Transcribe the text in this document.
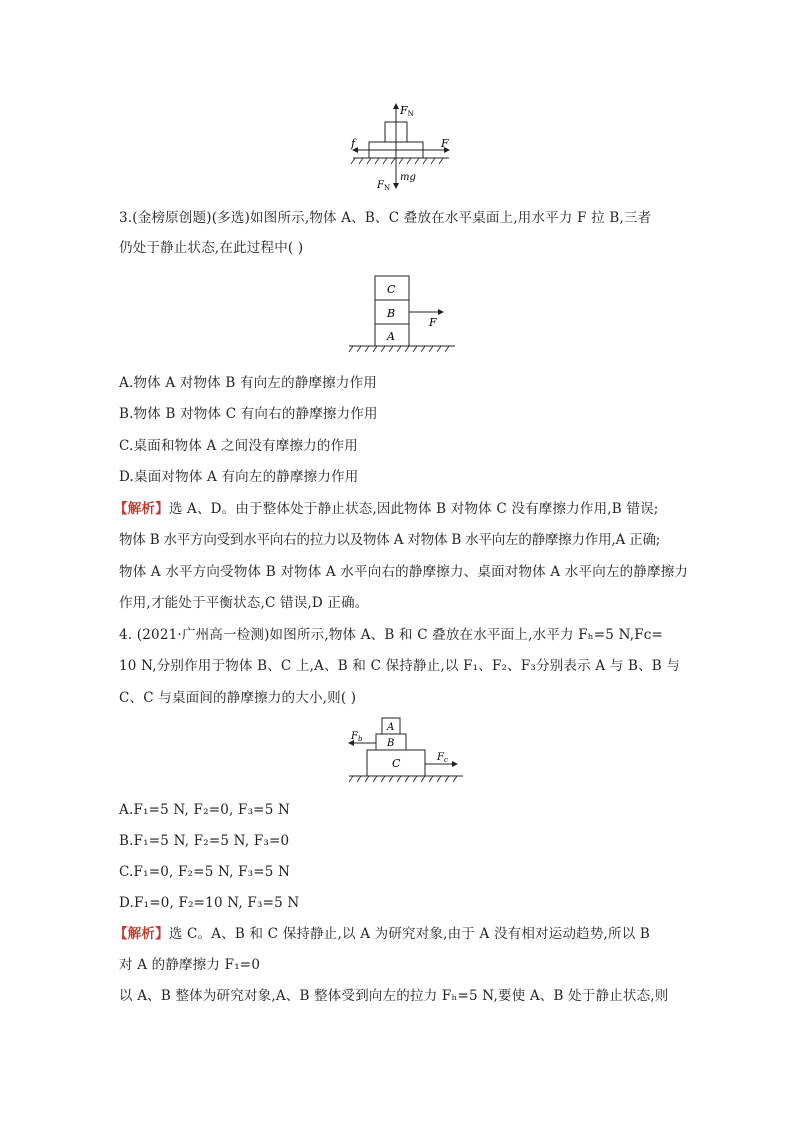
FN
f	F
mg
$F_N$
3.(金榜原创题)(多选)如图所示,物体 A、B、C 叠放在水平桌面上,用水平力 F 拉 B,三者
仍处于静止状态,在此过程中( )
C
B
A
F
A.物体 A 对物体 B 有向左的静摩擦力作用
B.物体 B 对物体 C 有向右的静摩擦力作用
C.桌面和物体 A 之间没有摩擦力的作用
D.桌面对物体 A 有向左的静摩擦力作用
【解析】选 A、D。由于整体处于静止状态,因此物体 B 对物体 C 没有摩擦力作用,B 错误;
物体 B 水平方向受到水平向右的拉力以及物体 A 对物体 B 水平向左的静摩擦力作用,A 正确;
物体 A 水平方向受物体 B 对物体 A 水平向右的静摩擦力、桌面对物体 A 水平向左的静摩擦力
作用,才能处于平衡状态,C 错误,D 正确。
4. (2021·广州高一检测)如图所示,物体 A、B 和 C 叠放在水平面上,水平力 Fₕ=5 N,Fᴄ=
10 N,分别作用于物体 B、C 上,A、B 和 C 保持静止,以 F₁、F₂、F₃分别表示 A 与 B、B 与
C、C 与桌面间的静摩擦力的大小,则( )
A
B
C
$F_b$
$F_c$
A.F₁=5 N, F₂=0, F₃=5 N
B.F₁=5 N, F₂=5 N, F₃=0
C.F₁=0, F₂=5 N, F₃=5 N
D.F₁=0, F₂=10 N, F₃=5 N
【解析】选 C。A、B 和 C 保持静止,以 A 为研究对象,由于 A 没有相对运动趋势,所以 B
对 A 的静摩擦力 F₁=0
以 A、B 整体为研究对象,A、B 整体受到向左的拉力 Fₕ=5 N,要使 A、B 处于静止状态,则
